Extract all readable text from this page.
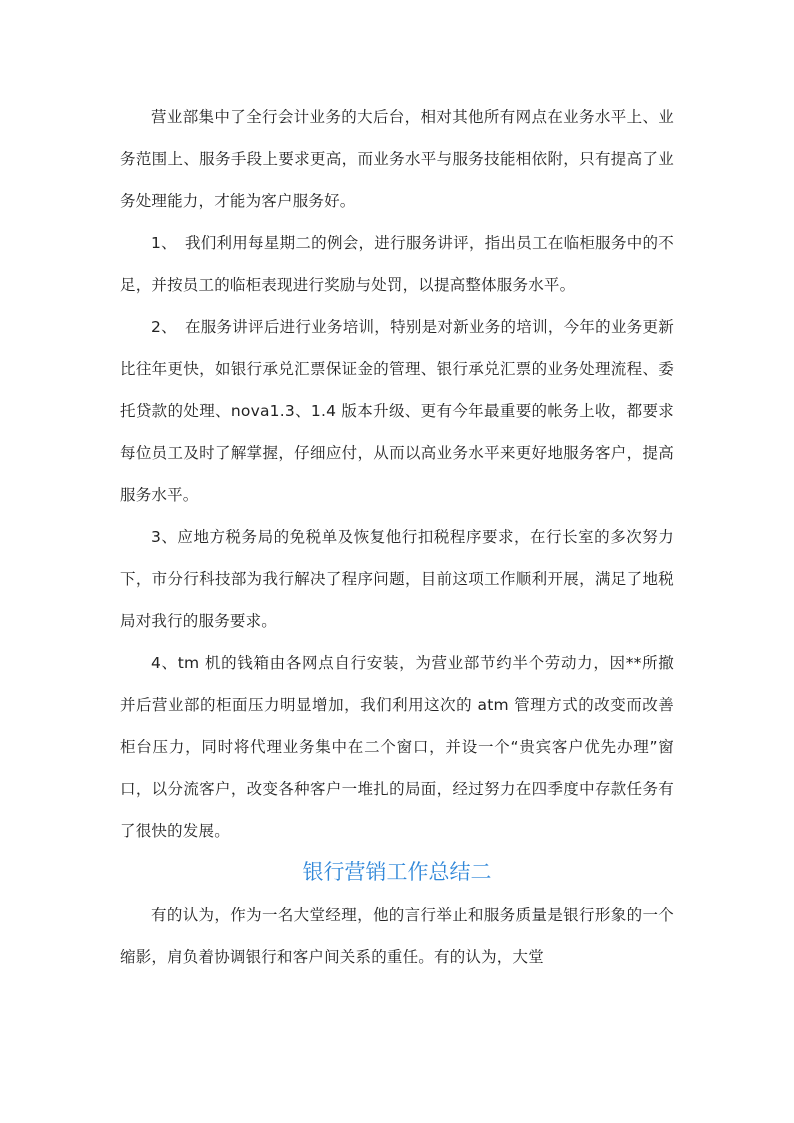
营业部集中了全行会计业务的大后台，相对其他所有网点在业务水平上、业务范围上、服务手段上要求更高，而业务水平与服务技能相依附，只有提高了业务处理能力，才能为客户服务好。

1、　我们利用每星期二的例会，进行服务讲评，指出员工在临柜服务中的不足，并按员工的临柜表现进行奖励与处罚，以提高整体服务水平。

2、　在服务讲评后进行业务培训，特别是对新业务的培训，今年的业务更新比往年更快，如银行承兑汇票保证金的管理、银行承兑汇票的业务处理流程、委托贷款的处理、nova1.3、1.4 版本升级、更有今年最重要的帐务上收，都要求每位员工及时了解掌握，仔细应付，从而以高业务水平来更好地服务客户，提高服务水平。

3、应地方税务局的免税单及恢复他行扣税程序要求，在行长室的多次努力下，市分行科技部为我行解决了程序问题，目前这项工作顺利开展，满足了地税局对我行的服务要求。

4、tm 机的钱箱由各网点自行安装，为营业部节约半个劳动力，因**所撤并后营业部的柜面压力明显增加，我们利用这次的 atm 管理方式的改变而改善柜台压力，同时将代理业务集中在二个窗口，并设一个“贵宾客户优先办理”窗口，以分流客户，改变各种客户一堆扎的局面，经过努力在四季度中存款任务有了很快的发展。

银行营销工作总结二

有的认为，作为一名大堂经理，他的言行举止和服务质量是银行形象的一个缩影，肩负着协调银行和客户间关系的重任。有的认为，大堂
